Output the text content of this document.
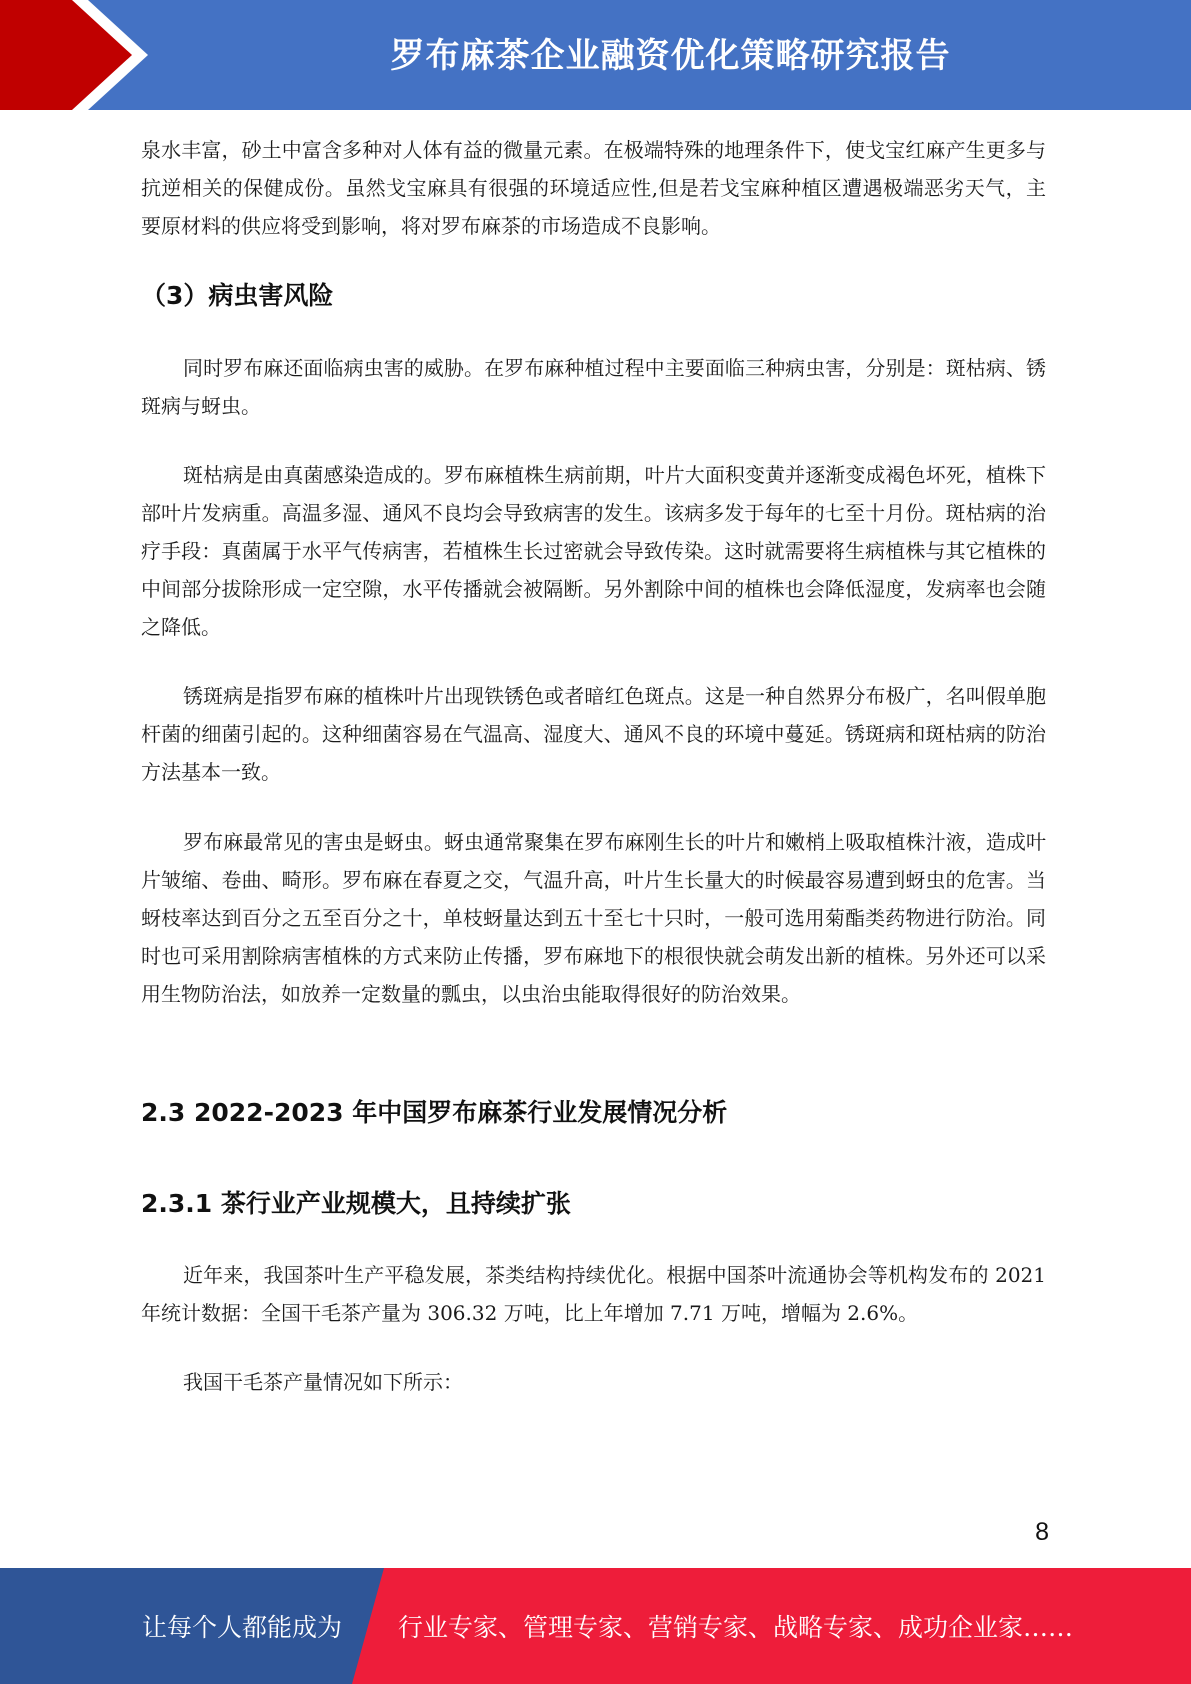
罗布麻茶企业融资优化策略研究报告
泉水丰富，砂土中富含多种对人体有益的微量元素。在极端特殊的地理条件下，使戈宝红麻产生更多与抗逆相关的保健成份。虽然戈宝麻具有很强的环境适应性,但是若戈宝麻种植区遭遇极端恶劣天气，主要原材料的供应将受到影响，将对罗布麻茶的市场造成不良影响。
（3）病虫害风险
同时罗布麻还面临病虫害的威胁。在罗布麻种植过程中主要面临三种病虫害，分别是：斑枯病、锈斑病与蚜虫。
斑枯病是由真菌感染造成的。罗布麻植株生病前期，叶片大面积变黄并逐渐变成褐色坏死，植株下部叶片发病重。高温多湿、通风不良均会导致病害的发生。该病多发于每年的七至十月份。斑枯病的治疗手段：真菌属于水平气传病害，若植株生长过密就会导致传染。这时就需要将生病植株与其它植株的中间部分拔除形成一定空隙，水平传播就会被隔断。另外割除中间的植株也会降低湿度，发病率也会随之降低。
锈斑病是指罗布麻的植株叶片出现铁锈色或者暗红色斑点。这是一种自然界分布极广，名叫假单胞杆菌的细菌引起的。这种细菌容易在气温高、湿度大、通风不良的环境中蔓延。锈斑病和斑枯病的防治方法基本一致。
罗布麻最常见的害虫是蚜虫。蚜虫通常聚集在罗布麻刚生长的叶片和嫩梢上吸取植株汁液，造成叶片皱缩、卷曲、畸形。罗布麻在春夏之交，气温升高，叶片生长量大的时候最容易遭到蚜虫的危害。当蚜枝率达到百分之五至百分之十，单枝蚜量达到五十至七十只时，一般可选用菊酯类药物进行防治。同时也可采用割除病害植株的方式来防止传播，罗布麻地下的根很快就会萌发出新的植株。另外还可以采用生物防治法，如放养一定数量的瓢虫，以虫治虫能取得很好的防治效果。
2.3 2022-2023 年中国罗布麻茶行业发展情况分析
2.3.1 茶行业产业规模大，且持续扩张
近年来，我国茶叶生产平稳发展，茶类结构持续优化。根据中国茶叶流通协会等机构发布的 2021 年统计数据：全国干毛茶产量为 306.32 万吨，比上年增加 7.71 万吨，增幅为 2.6%。
我国干毛茶产量情况如下所示：
8
让每个人都能成为 行业专家、管理专家、营销专家、战略专家、成功企业家……
